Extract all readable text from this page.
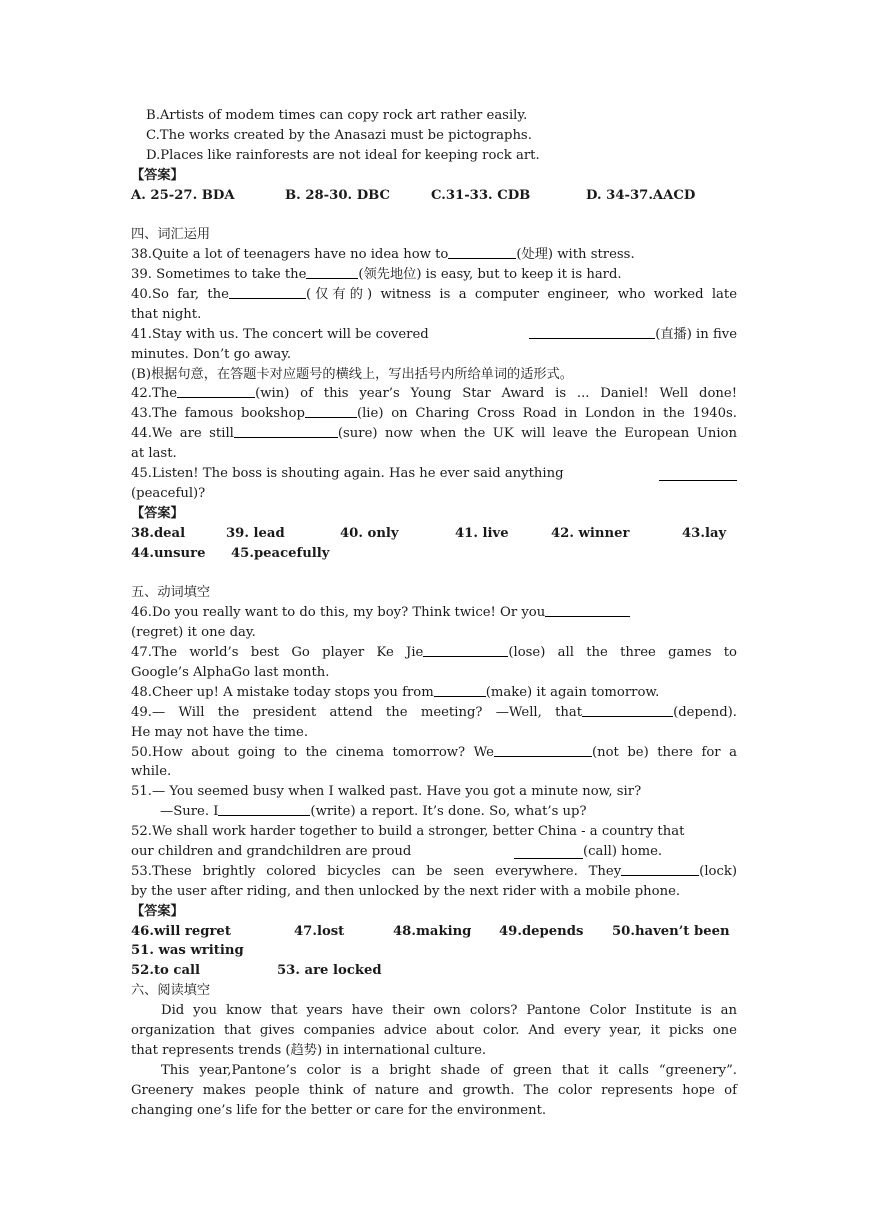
B.Artists of modem times can copy rock art rather easily.
C.The works created by the Anasazi must be pictographs.
D.Places like rainforests are not ideal for keeping rock art.
【答案】
A. 25-27. BDA	B. 28-30. DBC	C.31-33. CDB	D. 34-37.AACD
四、词汇运用
38.Quite a lot of teenagers have no idea how to	(处理) with stress.
39. Sometimes to take the	(领先地位) is easy, but to keep it is hard.
40.So far, the	(仅有的) witness is a computer engineer, who worked late
that night.
41.Stay with us. The concert will be covered	(直播) in five
minutes. Don’t go away.
(B)根据句意，在答题卡对应题号的横线上，写出括号内所给单词的适形式。
42.The	(win) of this year’s Young Star Award is ... Daniel! Well done!
43.The famous bookshop	(lie) on Charing Cross Road in London in the 1940s.
44.We are still	(sure) now when the UK will leave the European Union
at last.
45.Listen! The boss is shouting again. Has he ever said anything
(peaceful)?
【答案】
38.deal	39. lead	40. only	41. live	42. winner	43.lay
44.unsure	45.peacefully
五、动词填空
46.Do you really want to do this, my boy? Think twice! Or you
(regret) it one day.
47.The world’s best Go player Ke Jie	(lose) all the three games to
Google’s AlphaGo last month.
48.Cheer up! A mistake today stops you from	(make) it again tomorrow.
49.— Will the president attend the meeting? —Well, that	(depend).
He may not have the time.
50.How about going to the cinema tomorrow? We	(not be) there for a
while.
51.— You seemed busy when I walked past. Have you got a minute now, sir?
—Sure. I	(write) a report. It’s done. So, what’s up?
52.We shall work harder together to build a stronger, better China - a country that
our children and grandchildren are proud	(call) home.
53.These brightly colored bicycles can be seen everywhere. They	(lock)
by the user after riding, and then unlocked by the next rider with a mobile phone.
【答案】
46.will regret	47.lost	48.making	49.depends	50.haven’t been
51. was writing
52.to call	53. are locked
六、阅读填空
Did you know that years have their own colors? Pantone Color Institute is an
organization that gives companies advice about color. And every year, it picks one
that represents trends (趋势) in international culture.
This year,Pantone’s color is a bright shade of green that it calls “greenery”.
Greenery makes people think of nature and growth. The color represents hope of
changing one’s life for the better or care for the environment.
